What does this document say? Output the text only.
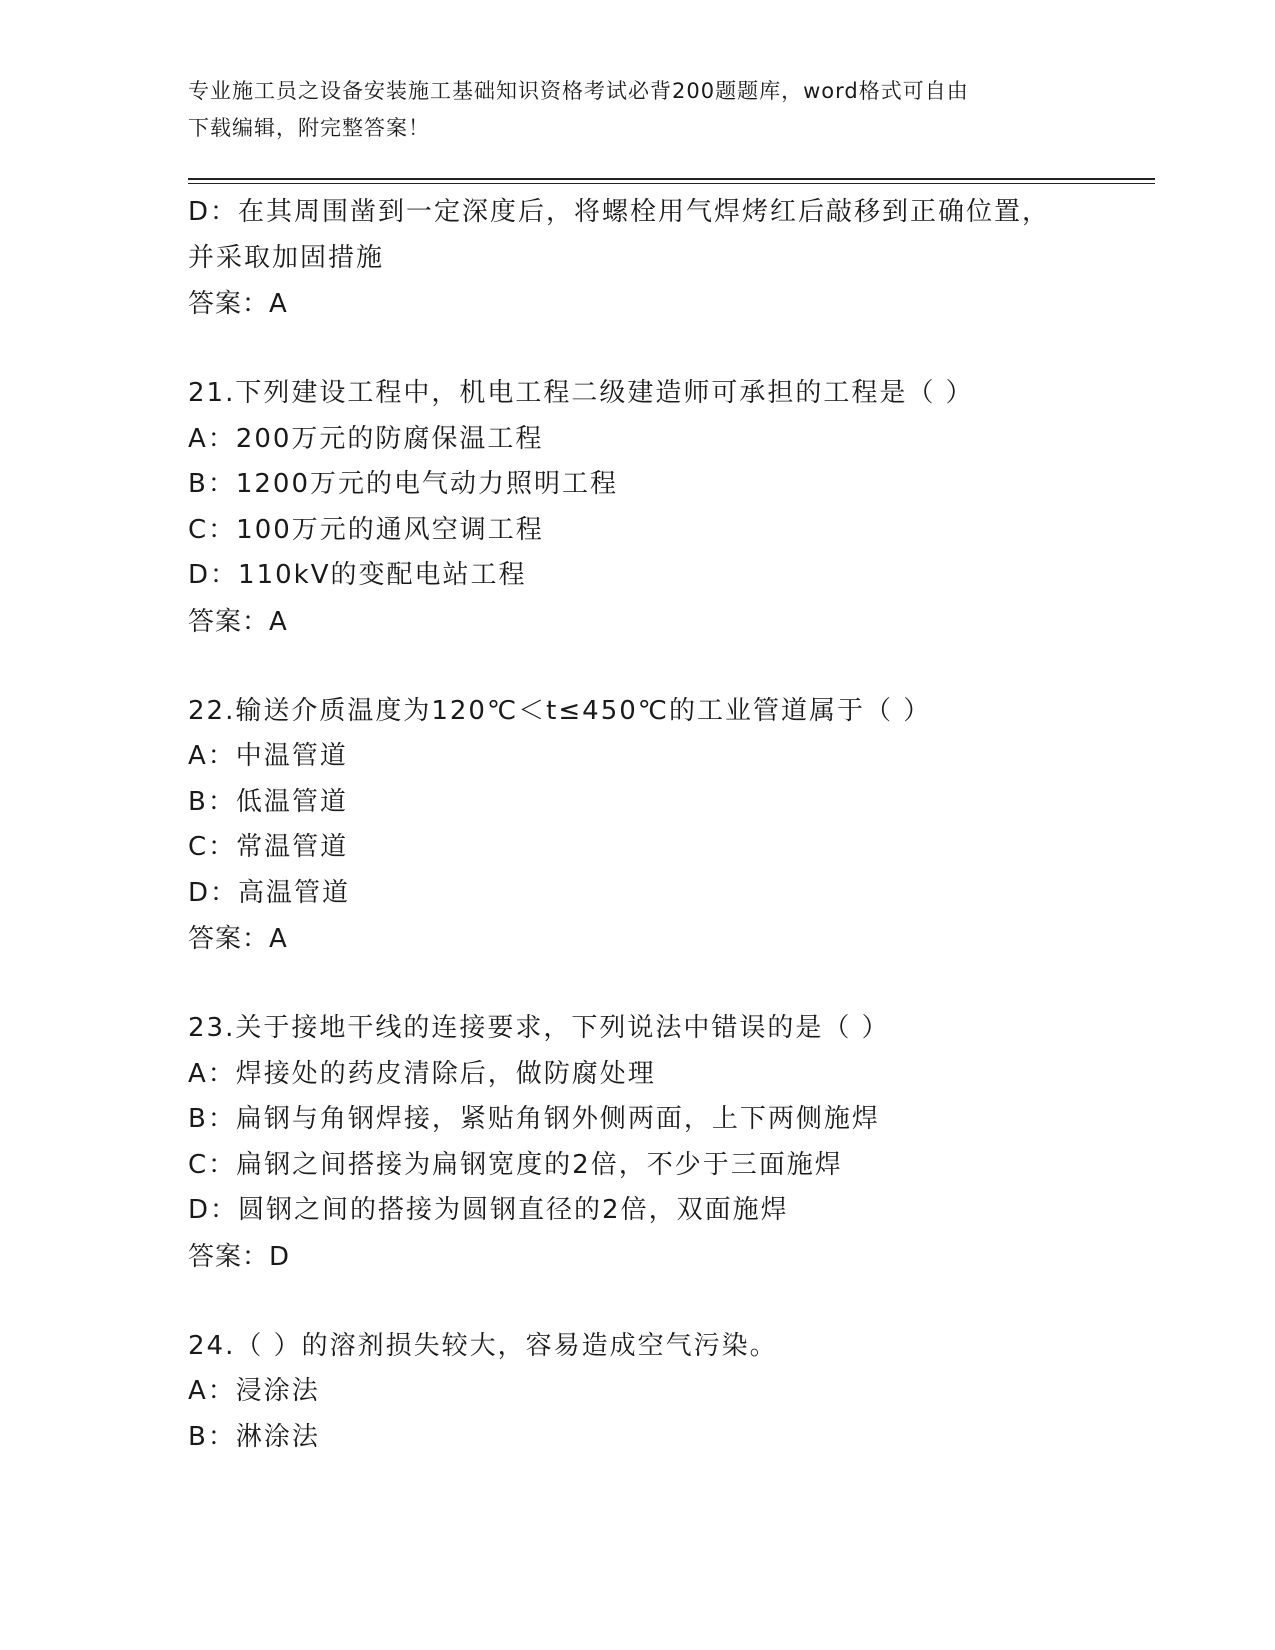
专业施工员之设备安装施工基础知识资格考试必背200题题库，word格式可自由
下载编辑，附完整答案！
D：在其周围凿到一定深度后，将螺栓用气焊烤红后敲移到正确位置，
并采取加固措施
答案：A
21.下列建设工程中，机电工程二级建造师可承担的工程是（ ）
A：200万元的防腐保温工程
B：1200万元的电气动力照明工程
C：100万元的通风空调工程
D：110kV的变配电站工程
答案：A
22.输送介质温度为120℃＜t≤450℃的工业管道属于（ ）
A：中温管道
B：低温管道
C：常温管道
D：高温管道
答案：A
23.关于接地干线的连接要求，下列说法中错误的是（ ）
A：焊接处的药皮清除后，做防腐处理
B：扁钢与角钢焊接，紧贴角钢外侧两面，上下两侧施焊
C：扁钢之间搭接为扁钢宽度的2倍，不少于三面施焊
D：圆钢之间的搭接为圆钢直径的2倍，双面施焊
答案：D
24.（ ）的溶剂损失较大，容易造成空气污染。
A：浸涂法
B：淋涂法
